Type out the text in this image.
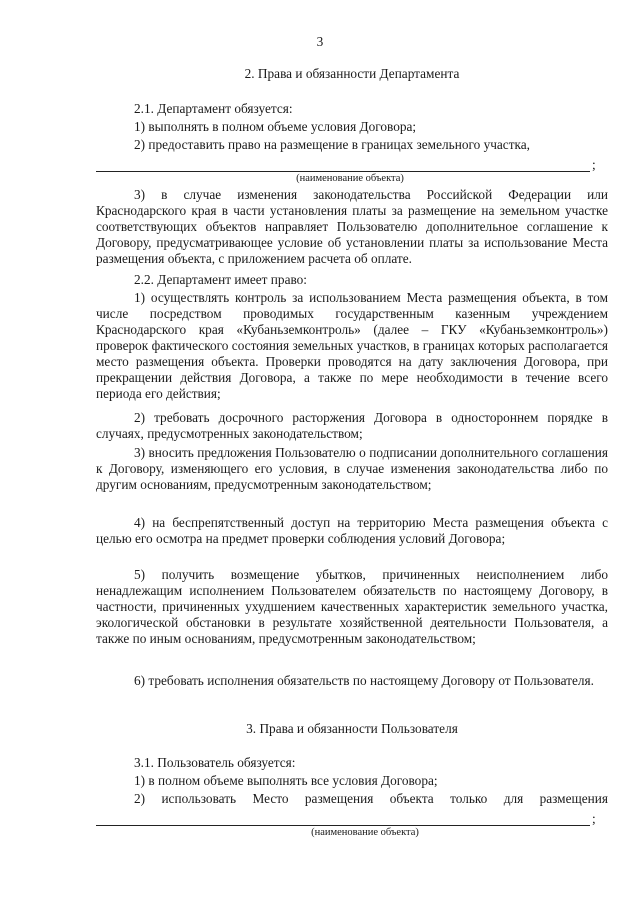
3
2. Права и обязанности Департамента
2.1. Департамент обязуется:
1) выполнять в полном объеме условия Договора;
2) предоставить право на размещение в границах земельного участка,
;
(наименование объекта)
3) в случае изменения законодательства Российской Федерации или Краснодарского края в части установления платы за размещение на земельном участке соответствующих объектов направляет Пользователю дополнительное соглашение к Договору, предусматривающее условие об установлении платы за использование Места размещения объекта, с приложением расчета об оплате.
2.2. Департамент имеет право:
1) осуществлять контроль за использованием Места размещения объекта, в том числе посредством проводимых государственным казенным учреждением Краснодарского края «Кубаньземконтроль» (далее – ГКУ «Кубаньземконтроль») проверок фактического состояния земельных участков, в границах которых располагается место размещения объекта. Проверки проводятся на дату заключения Договора, при прекращении действия Договора, а также по мере необходимости в течение всего периода его действия;
2) требовать досрочного расторжения Договора в одностороннем порядке в случаях, предусмотренных законодательством;
3) вносить предложения Пользователю о подписании дополнительного соглашения к Договору, изменяющего его условия, в случае изменения законодательства либо по другим основаниям, предусмотренным законодательством;
4) на беспрепятственный доступ на территорию Места размещения объекта с целью его осмотра на предмет проверки соблюдения условий Договора;
5) получить возмещение убытков, причиненных неисполнением либо ненадлежащим исполнением Пользователем обязательств по настоящему Договору, в частности, причиненных ухудшением качественных характеристик земельного участка, экологической обстановки в результате хозяйственной деятельности Пользователя, а также по иным основаниям, предусмотренным законодательством;
6) требовать исполнения обязательств по настоящему Договору от Пользователя.
3. Права и обязанности Пользователя
3.1. Пользователь обязуется:
1) в полном объеме выполнять все условия Договора;
2) использовать Место размещения объекта только для размещения
;
(наименование объекта)
